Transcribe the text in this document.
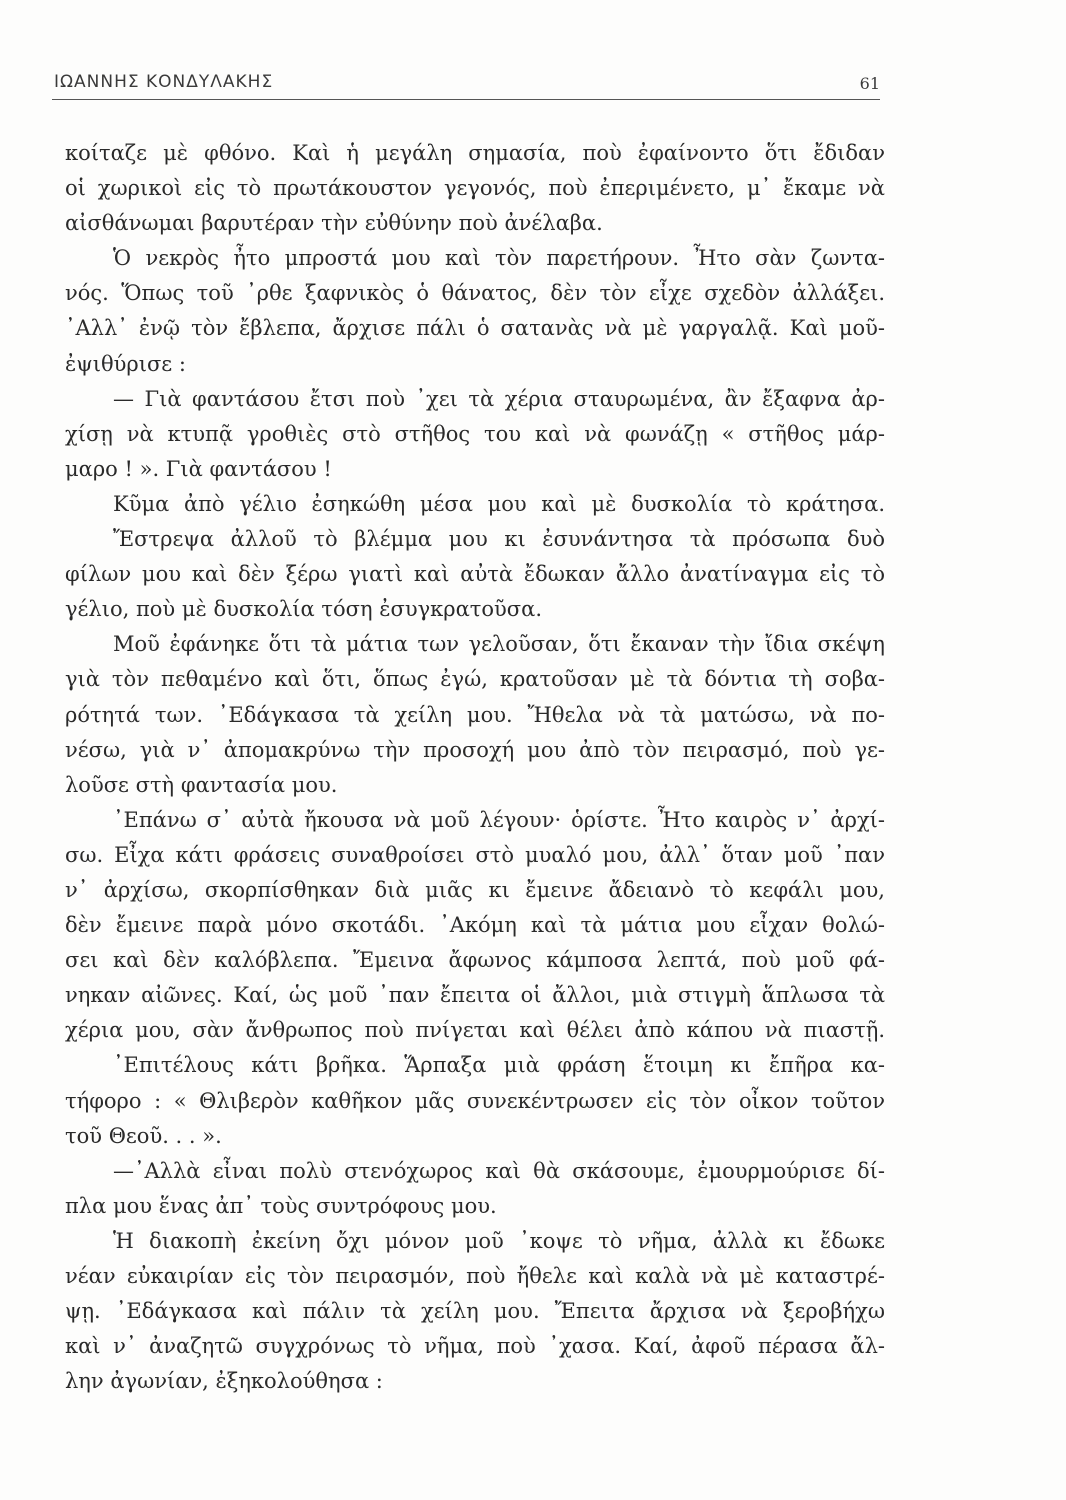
ΙΩΑΝΝΗΣ ΚΟΝΔΥΛΑΚΗΣ	61
κοίταζε μὲ φθόνο. Καὶ ἡ μεγάλη σημασία, ποὺ ἐφαίνοντο ὅτι ἔδιδαν
οἱ χωρικοὶ εἰς τὸ πρωτάκουστον γεγονός, ποὺ ἐπεριμένετο, μ᾽ ἔκαμε νὰ
αἰσθάνωμαι βαρυτέραν τὴν εὐθύνην ποὺ ἀνέλαβα.
Ὁ νεκρὸς ἦτο μπροστά μου καὶ τὸν παρετήρουν. Ἦτο σὰν ζωντα-
νός. Ὅπως τοῦ ᾽ρθε ξαφνικὸς ὁ θάνατος, δὲν τὸν εἶχε σχεδὸν ἀλλάξει.
᾽Αλλ᾽ ἐνῷ τὸν ἔβλεπα, ἄρχισε πάλι ὁ σατανὰς νὰ μὲ γαργαλᾷ. Καὶ μοῦ-
ἐψιθύρισε :
— Γιὰ φαντάσου ἔτσι ποὺ ᾽χει τὰ χέρια σταυρωμένα, ἂν ἔξαφνα ἀρ-
χίσῃ νὰ κτυπᾷ γροθιὲς στὸ στῆθος του καὶ νὰ φωνάζῃ « στῆθος μάρ-
μαρο ! ». Γιὰ φαντάσου !
Κῦμα ἀπὸ γέλιο ἐσηκώθη μέσα μου καὶ μὲ δυσκολία τὸ κράτησα.
Ἔστρεψα ἀλλοῦ τὸ βλέμμα μου κι ἐσυνάντησα τὰ πρόσωπα δυὸ
φίλων μου καὶ δὲν ξέρω γιατὶ καὶ αὐτὰ ἔδωκαν ἄλλο ἀνατίναγμα εἰς τὸ
γέλιο, ποὺ μὲ δυσκολία τόση ἐσυγκρατοῦσα.
Μοῦ ἐφάνηκε ὅτι τὰ μάτια των γελοῦσαν, ὅτι ἔκαναν τὴν ἴδια σκέψη
γιὰ τὸν πεθαμένο καὶ ὅτι, ὅπως ἐγώ, κρατοῦσαν μὲ τὰ δόντια τὴ σοβα-
ρότητά των. ᾽Εδάγκασα τὰ χείλη μου. Ἤθελα νὰ τὰ ματώσω, νὰ πο-
νέσω, γιὰ ν᾽ ἀπομακρύνω τὴν προσοχή μου ἀπὸ τὸν πειρασμό, ποὺ γε-
λοῦσε στὴ φαντασία μου.
᾽Επάνω σ᾽ αὐτὰ ἤκουσα νὰ μοῦ λέγουν· ὁρίστε. Ἦτο καιρὸς ν᾽ ἀρχί-
σω. Εἶχα κάτι φράσεις συναθροίσει στὸ μυαλό μου, ἀλλ᾽ ὅταν μοῦ ᾽παν
ν᾽ ἀρχίσω, σκορπίσθηκαν διὰ μιᾶς κι ἔμεινε ἄδειανὸ τὸ κεφάλι μου,
δὲν ἔμεινε παρὰ μόνο σκοτάδι. ᾽Ακόμη καὶ τὰ μάτια μου εἶχαν θολώ-
σει καὶ δὲν καλόβλεπα. Ἔμεινα ἄφωνος κάμποσα λεπτά, ποὺ μοῦ φά-
νηκαν αἰῶνες. Καί, ὡς μοῦ ᾽παν ἔπειτα οἱ ἄλλοι, μιὰ στιγμὴ ἅπλωσα τὰ
χέρια μου, σὰν ἄνθρωπος ποὺ πνίγεται καὶ θέλει ἀπὸ κάπου νὰ πιαστῇ.
᾽Επιτέλους κάτι βρῆκα. Ἅρπαξα μιὰ φράση ἕτοιμη κι ἔπῆρα κα-
τήφορο : « Θλιβερὸν καθῆκον μᾶς συνεκέντρωσεν εἰς τὸν οἶκον τοῦτον
τοῦ Θεοῦ. . . ».
—᾽Αλλὰ εἶναι πολὺ στενόχωρος καὶ θὰ σκάσουμε, ἐμουρμούρισε δί-
πλα μου ἕνας ἀπ᾽ τοὺς συντρόφους μου.
Ἡ διακοπὴ ἐκείνη ὄχι μόνον μοῦ ᾽κοψε τὸ νῆμα, ἀλλὰ κι ἔδωκε
νέαν εὐκαιρίαν εἰς τὸν πειρασμόν, ποὺ ἤθελε καὶ καλὰ νὰ μὲ καταστρέ-
ψῃ. ᾽Εδάγκασα καὶ πάλιν τὰ χείλη μου. Ἔπειτα ἄρχισα νὰ ξεροβήχω
καὶ ν᾽ ἀναζητῶ συγχρόνως τὸ νῆμα, ποὺ ᾽χασα. Καί, ἀφοῦ πέρασα ἄλ-
λην ἀγωνίαν, ἐξηκολούθησα :
